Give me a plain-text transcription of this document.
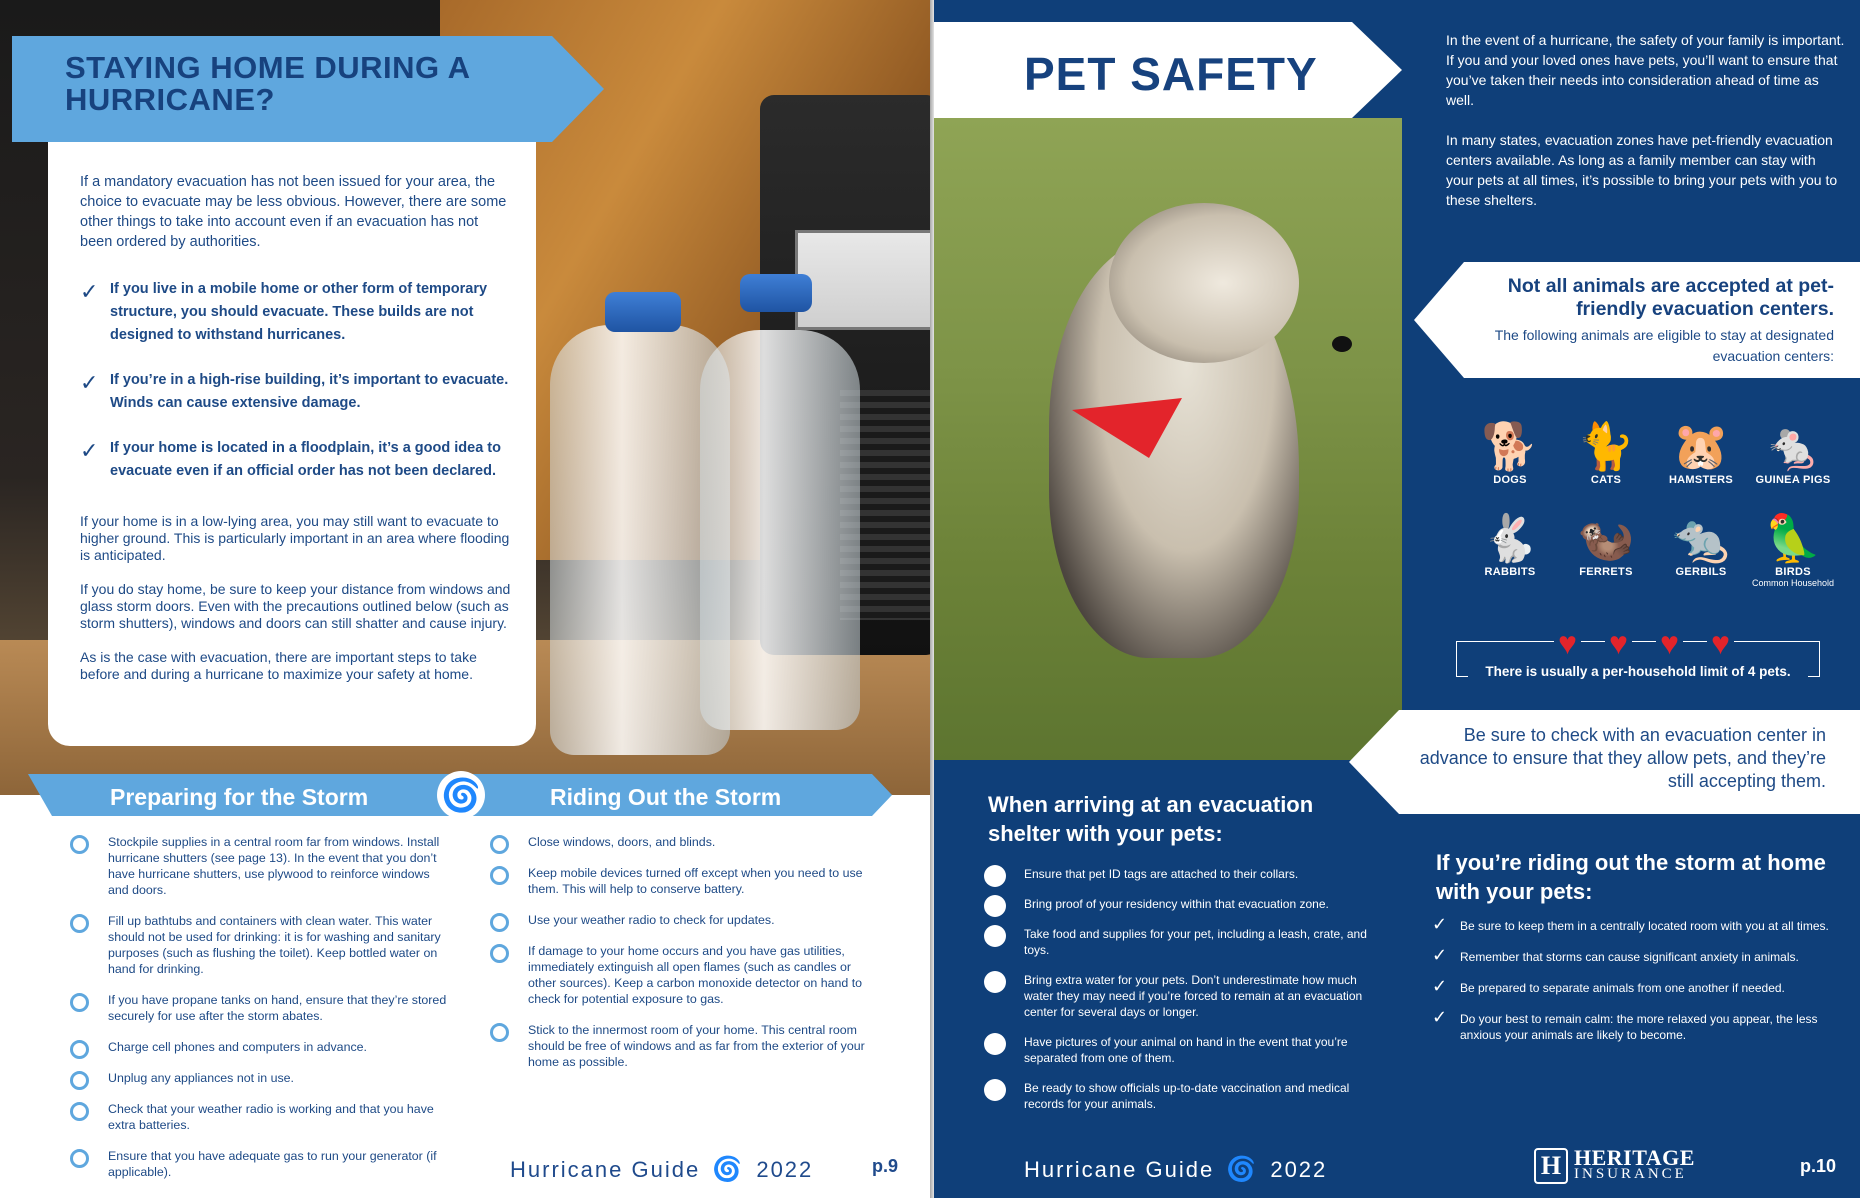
STAYING HOME DURING A HURRICANE?

If a mandatory evacuation has not been issued for your area, the choice to evacuate may be less obvious. However, there are some other things to take into account even if an evacuation has not been ordered by authorities.

✓ If you live in a mobile home or other form of temporary structure, you should evacuate. These builds are not designed to withstand hurricanes.
✓ If you’re in a high-rise building, it’s important to evacuate. Winds can cause extensive damage.
✓ If your home is located in a floodplain, it’s a good idea to evacuate even if an official order has not been declared.

If your home is in a low-lying area, you may still want to evacuate to higher ground. This is particularly important in an area where flooding is anticipated.

If you do stay home, be sure to keep your distance from windows and glass storm doors. Even with the precautions outlined below (such as storm shutters), windows and doors can still shatter and cause injury.

As is the case with evacuation, there are important steps to take before and during a hurricane to maximize your safety at home.

Preparing for the Storm	Riding Out the Storm
🌀
Stockpile supplies in a central room far from windows. Install hurricane shutters (see page 13). In the event that you don’t have hurricane shutters, use plywood to reinforce windows and doors.
Fill up bathtubs and containers with clean water. This water should not be used for drinking: it is for washing and sanitary purposes (such as flushing the toilet). Keep bottled water on hand for drinking.
If you have propane tanks on hand, ensure that they’re stored securely for use after the storm abates.
Charge cell phones and computers in advance.
Unplug any appliances not in use.
Check that your weather radio is working and that you have extra batteries.
Ensure that you have adequate gas to run your generator (if applicable).
Close windows, doors, and blinds.
Keep mobile devices turned off except when you need to use them. This will help to conserve battery.
Use your weather radio to check for updates.
If damage to your home occurs and you have gas utilities, immediately extinguish all open flames (such as candles or other sources). Keep a carbon monoxide detector on hand to check for potential exposure to gas.
Stick to the innermost room of your home. This central room should be free of windows and as far from the exterior of your home as possible.
Hurricane Guide 🌀 2022	p.9
PET SAFETY

In the event of a hurricane, the safety of your family is important. If you and your loved ones have pets, you’ll want to ensure that you’ve taken their needs into consideration ahead of time as well.

In many states, evacuation zones have pet-friendly evacuation centers available. As long as a family member can stay with your pets at all times, it’s possible to bring your pets with you to these shelters.

Not all animals are accepted at pet-friendly evacuation centers.
The following animals are eligible to stay at designated evacuation centers:
🐕
DOGS
🐈
CATS
🐹
HAMSTERS
🐁
GUINEA PIGS
🐇
RABBITS
🦦
FERRETS
🐀
GERBILS
🦜
BIRDS
Common Household
♥ ♥ ♥ ♥
There is usually a per-household limit of 4 pets.
Be sure to check with an evacuation center in advance to ensure that they allow pets, and they’re still accepting them.
When arriving at an evacuation shelter with your pets:
Ensure that pet ID tags are attached to their collars.
Bring proof of your residency within that evacuation zone.
Take food and supplies for your pet, including a leash, crate, and toys.
Bring extra water for your pets. Don’t underestimate how much water they may need if you’re forced to remain at an evacuation center for several days or longer.
Have pictures of your animal on hand in the event that you’re separated from one of them.
Be ready to show officials up-to-date vaccination and medical records for your animals.
If you’re riding out the storm at home with your pets:
✓ Be sure to keep them in a centrally located room with you at all times.
✓ Remember that storms can cause significant anxiety in animals.
✓ Be prepared to separate animals from one another if needed.
✓ Do your best to remain calm: the more relaxed you appear, the less anxious your animals are likely to become.
Hurricane Guide 🌀 2022	H HERITAGE
INSURANCE	p.10
